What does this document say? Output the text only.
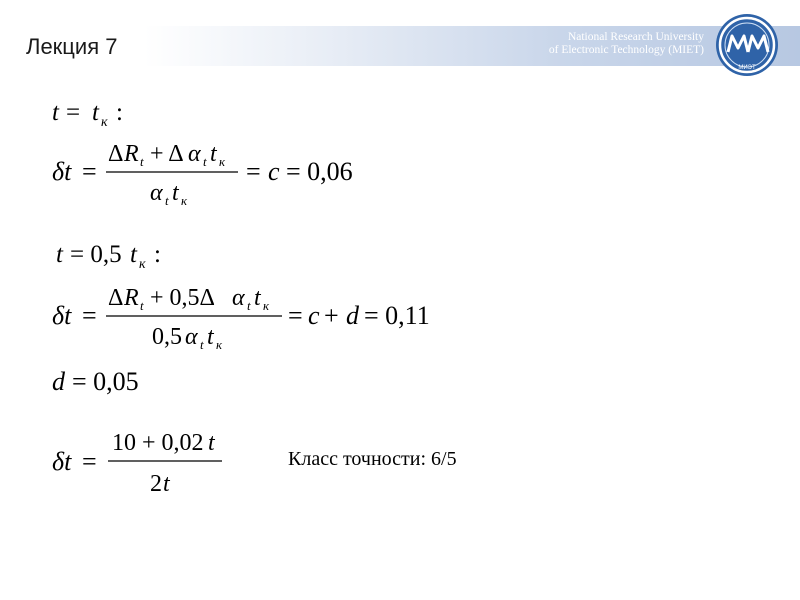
Лекция 7	National Research University
of Electronic Technology (MIET)
МИЭТ
t = t к :
δt =
Δ R t + Δ α t t к
α t t к
= c = 0,06
t = 0,5 t к :
δt =
Δ R t + 0,5Δ α t t к
0,5 α t t к
= c + d = 0,11
d = 0,05
δt =
10 + 0,02 t
2 t
Класс точности: 6/5
